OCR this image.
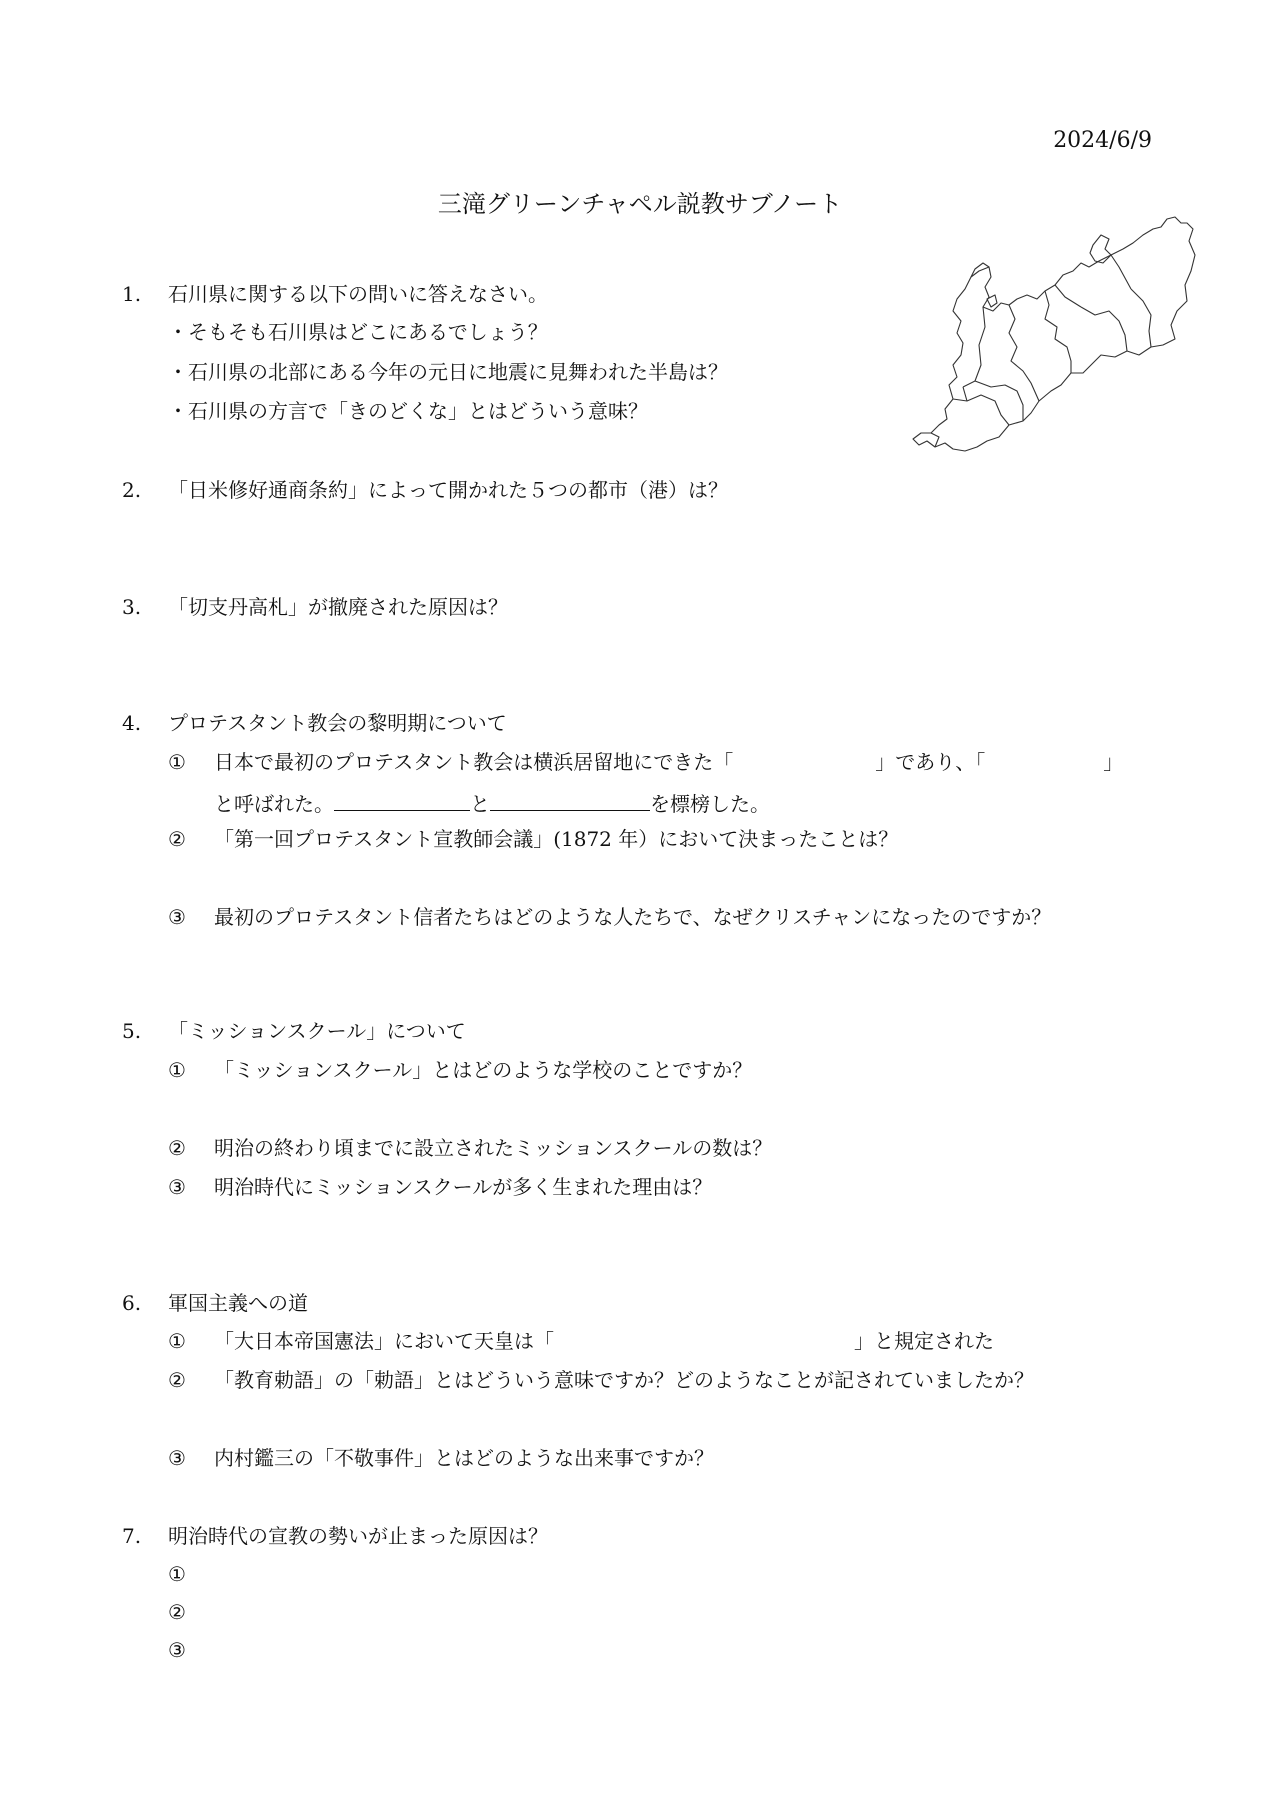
2024/6/9
三滝グリーンチャペル説教サブノート
1. 石川県に関する以下の問いに答えなさい。
・そもそも石川県はどこにあるでしょう？
・石川県の北部にある今年の元日に地震に見舞われた半島は？
・石川県の方言で「きのどくな」とはどういう意味？
2. 「日米修好通商条約」によって開かれた５つの都市（港）は？
3. 「切支丹高札」が撤廃された原因は？
4. プロテスタント教会の黎明期について
① 日本で最初のプロテスタント教会は横浜居留地にできた「	」であり、「	」
と呼ばれた。	と	を標榜した。
② 「第一回プロテスタント宣教師会議」(1872 年）において決まったことは？
③ 最初のプロテスタント信者たちはどのような人たちで、なぜクリスチャンになったのですか？
5. 「ミッションスクール」について
① 「ミッションスクール」とはどのような学校のことですか？
② 明治の終わり頃までに設立されたミッションスクールの数は？
③ 明治時代にミッションスクールが多く生まれた理由は？
6. 軍国主義への道
① 「大日本帝国憲法」において天皇は「	」と規定された
② 「教育勅語」の「勅語」とはどういう意味ですか？どのようなことが記されていましたか？
③ 内村鑑三の「不敬事件」とはどのような出来事ですか？
7. 明治時代の宣教の勢いが止まった原因は？
①
②
③
